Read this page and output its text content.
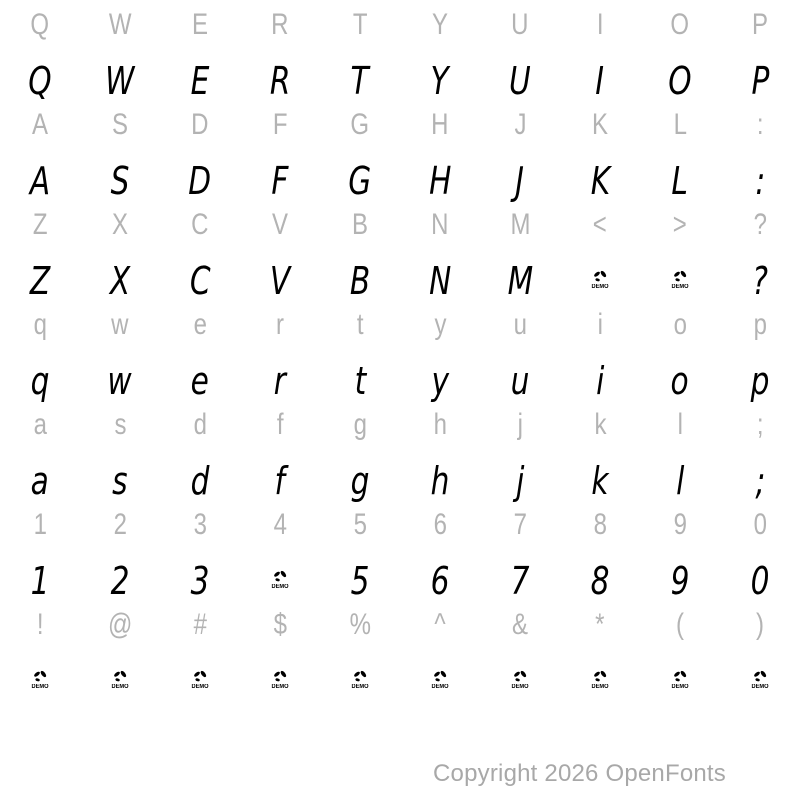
Q W E R T Y U I O P
Q W E R T Y U I O P
A S D F G H J K L :
A S D F G H J K L :
Z X C V B N M < > ?
Z X C V B N M	DEMO	DEMO ?
q w e r t y u i o p
q w e r t y u i o p
a s d f g h j k l ;
a s d f g h j k l ;
1 2 3 4 5 6 7 8 9 0
1 2 3	DEMO 5 6 7 8 9 0
! @ # $ % ^ & * ( )
DEMO	DEMO	DEMO	DEMO	DEMO	DEMO	DEMO	DEMO	DEMO	DEMO
Copyright 2026 OpenFonts
